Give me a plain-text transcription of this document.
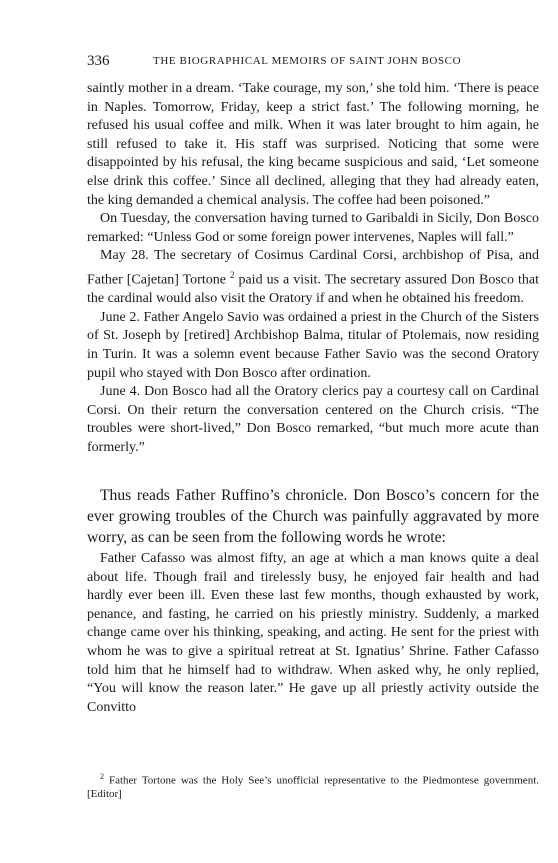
336	THE BIOGRAPHICAL MEMOIRS OF SAINT JOHN BOSCO

saintly mother in a dream. ‘Take courage, my son,’ she told him. ‘There is peace in Naples. Tomorrow, Friday, keep a strict fast.’ The following morning, he refused his usual coffee and milk. When it was later brought to him again, he still refused to take it. His staff was surprised. Noticing that some were disappointed by his refusal, the king became suspicious and said, ‘Let someone else drink this coffee.’ Since all declined, alleging that they had already eaten, the king demanded a chemical analysis. The coffee had been poisoned.”

On Tuesday, the conversation having turned to Garibaldi in Sicily, Don Bosco remarked: “Unless God or some foreign power intervenes, Naples will fall.”

May 28. The secretary of Cosimus Cardinal Corsi, archbishop of Pisa, and Father [Cajetan] Tortone $^2$ paid us a visit. The secretary assured Don Bosco that the cardinal would also visit the Oratory if and when he obtained his freedom.

June 2. Father Angelo Savio was ordained a priest in the Church of the Sisters of St. Joseph by [retired] Archbishop Balma, titular of Ptolemais, now residing in Turin. It was a solemn event because Father Savio was the second Oratory pupil who stayed with Don Bosco after ordination.

June 4. Don Bosco had all the Oratory clerics pay a courtesy call on Cardinal Corsi. On their return the conversation centered on the Church crisis. “The troubles were short-lived,” Don Bosco remarked, “but much more acute than formerly.”

Thus reads Father Ruffino’s chronicle. Don Bosco’s concern for the ever growing troubles of the Church was painfully aggravated by more worry, as can be seen from the following words he wrote:

Father Cafasso was almost fifty, an age at which a man knows quite a deal about life. Though frail and tirelessly busy, he enjoyed fair health and had hardly ever been ill. Even these last few months, though exhausted by work, penance, and fasting, he carried on his priestly ministry. Suddenly, a marked change came over his thinking, speaking, and acting. He sent for the priest with whom he was to give a spiritual retreat at St. Ignatius’ Shrine. Father Cafasso told him that he himself had to withdraw. When asked why, he only replied, “You will know the reason later.” He gave up all priestly activity outside the Convitto

$^2$ Father Tortone was the Holy See’s unofficial representative to the Piedmontese government. [Editor]
